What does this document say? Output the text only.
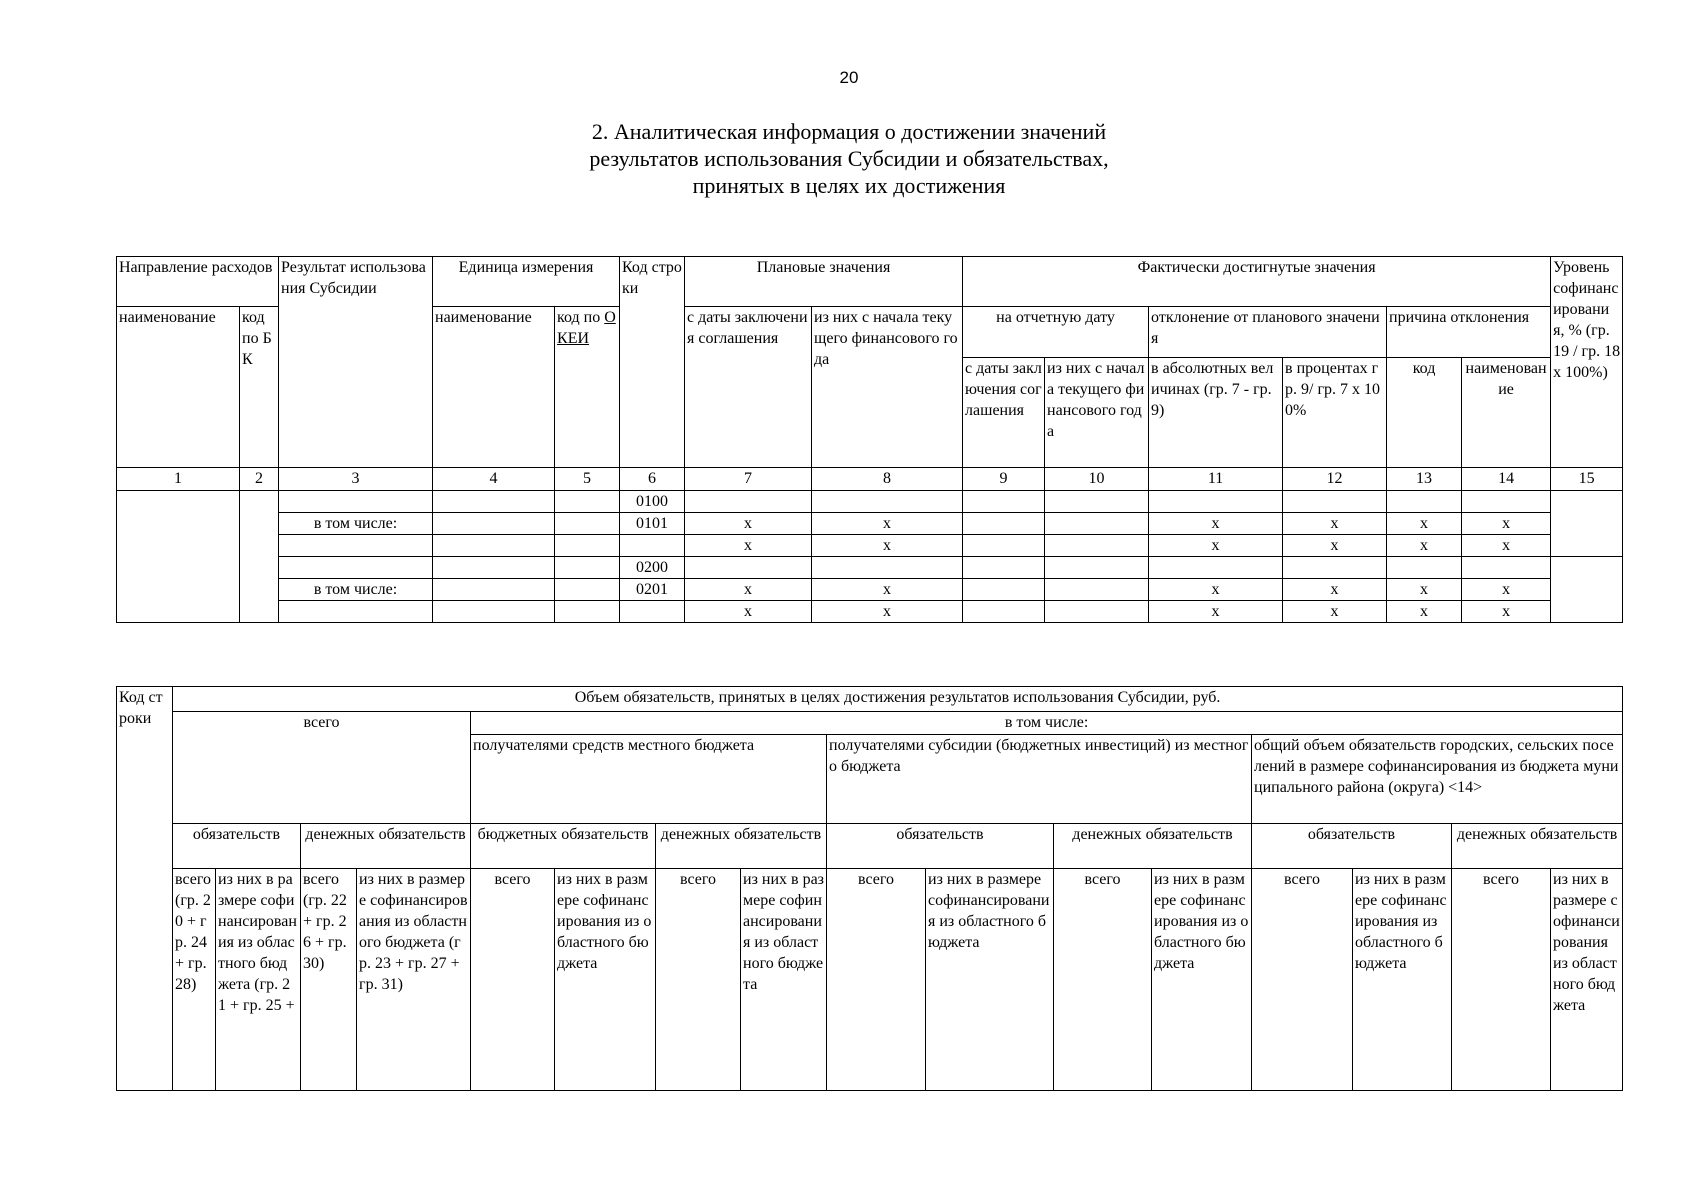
20
2. Аналитическая информация о достижении значений
результатов использования Субсидии и обязательствах,
принятых в целях их достижения
Направление расходов		Результат использования Субсидии	Единица измерения		Код строки	Плановые значения		Фактически достигнутые значения						Уровень софинансирования, % (гр. 19 / гр. 18 х 100%)
наименование	код по БК		наименование	код по ОКЕИ		с даты заключения соглашения	из них с начала текущего финансового года	на отчетную дату		отклонение от планового значения		причина отклонения		
								с даты заключения соглашения	из них с начала текущего финансового года	в абсолютных величинах (гр. 7 - гр. 9)	в процентах гр. 9/ гр. 7 х 100%	код	наименование	
1	2	3	4	5	6	7	8	9	10	11	12	13	14	15
					0100									
		в том числе:			0101	х	х			х	х	х	х	
						х	х			х	х	х	х	
					0200									
		в том числе:			0201	х	х			х	х	х	х	
						х	х			х	х	х	х	
Код строки	Объем обязательств, принятых в целях достижения результатов использования Субсидии, руб.															
	всего				в том числе:											
					получателями средств местного бюджета				получателями субсидии (бюджетных инвестиций) из местного бюджета				общий объем обязательств городских, сельских поселений в размере софинансирования из бюджета муниципального района (округа) <14>			
	обязательств		денежных обязательств		бюджетных обязательств		денежных обязательств		обязательств		денежных обязательств		обязательств		денежных обязательств	
	всего (гр. 20 + гр. 24 + гр. 28)	из них в размере софинансирования из областного бюджета (гр. 21 + гр. 25 +	всего (гр. 22 + гр. 26 + гр. 30)	из них в размере софинансирования из областного бюджета (гр. 23 + гр. 27 + гр. 31)	всего	из них в размере софинансирования из областного бюджета	всего	из них в размере софинансирования из областного бюджета	всего	из них в размере софинансирования из областного бюджета	всего	из них в размере софинансирования из областного бюджета	всего	из них в размере софинансирования из областного бюджета	всего	из них в размере софинансирования из областного бюджета
